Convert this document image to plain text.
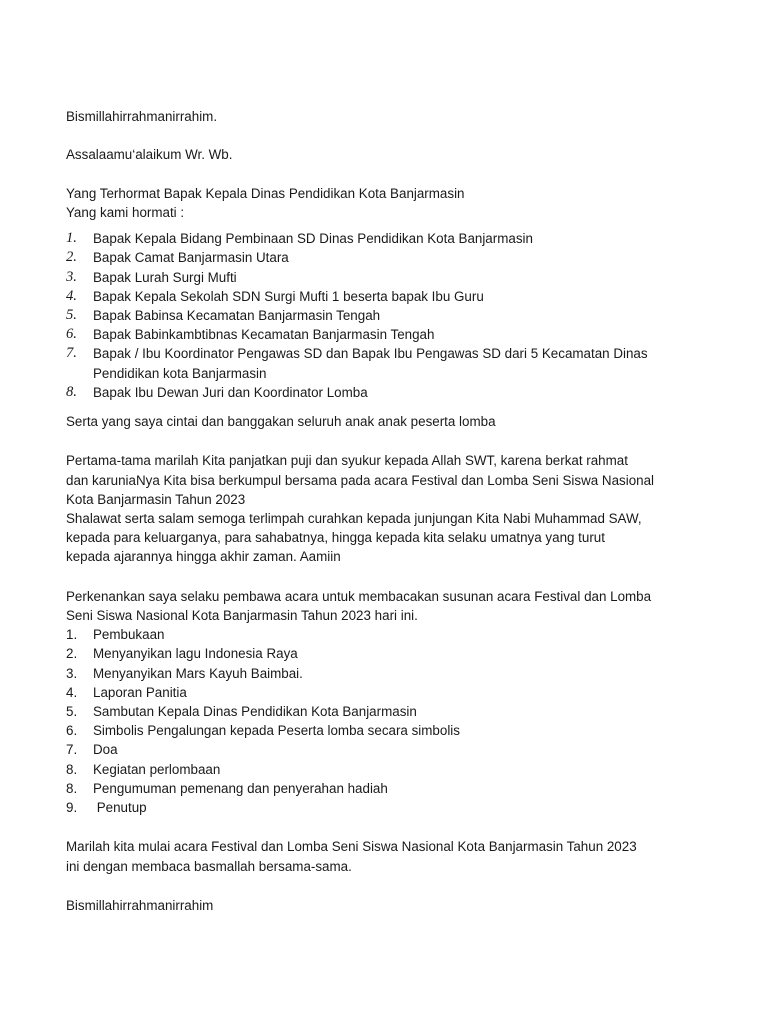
Bismillahirrahmanirrahim.

Assalaamu‘alaikum Wr. Wb.

Yang Terhormat Bapak Kepala Dinas Pendidikan Kota Banjarmasin

Yang kami hormati :

1. Bapak Kepala Bidang Pembinaan SD Dinas Pendidikan Kota Banjarmasin
2. Bapak Camat Banjarmasin Utara
3. Bapak Lurah Surgi Mufti
4. Bapak Kepala Sekolah SDN Surgi Mufti 1 beserta bapak Ibu Guru
5. Bapak Babinsa Kecamatan Banjarmasin Tengah
6. Bapak Babinkambtibnas Kecamatan Banjarmasin Tengah
7. Bapak / Ibu Koordinator Pengawas SD dan Bapak Ibu Pengawas SD dari 5 Kecamatan Dinas
Pendidikan kota Banjarmasin
8. Bapak Ibu Dewan Juri dan Koordinator Lomba

Serta yang saya cintai dan banggakan seluruh anak anak peserta lomba

Pertama-tama marilah Kita panjatkan puji dan syukur kepada Allah SWT, karena berkat rahmat
dan karuniaNya Kita bisa berkumpul bersama pada acara Festival dan Lomba Seni Siswa Nasional
Kota Banjarmasin Tahun 2023
Shalawat serta salam semoga terlimpah curahkan kepada junjungan Kita Nabi Muhammad SAW,
kepada para keluarganya, para sahabatnya, hingga kepada kita selaku umatnya yang turut
kepada ajarannya hingga akhir zaman. Aamiin
Perkenankan saya selaku pembawa acara untuk membacakan susunan acara Festival dan Lomba
Seni Siswa Nasional Kota Banjarmasin Tahun 2023 hari ini.
1. Pembukaan
2. Menyanyikan lagu Indonesia Raya
3. Menyanyikan Mars Kayuh Baimbai.
4. Laporan Panitia
5. Sambutan Kepala Dinas Pendidikan Kota Banjarmasin
6. Simbolis Pengalungan kepada Peserta lomba secara simbolis
7. Doa
8. Kegiatan perlombaan
8. Pengumuman pemenang dan penyerahan hadiah
9. Penutup
Marilah kita mulai acara Festival dan Lomba Seni Siswa Nasional Kota Banjarmasin Tahun 2023
ini dengan membaca basmallah bersama-sama.

Bismillahirrahmanirrahim
